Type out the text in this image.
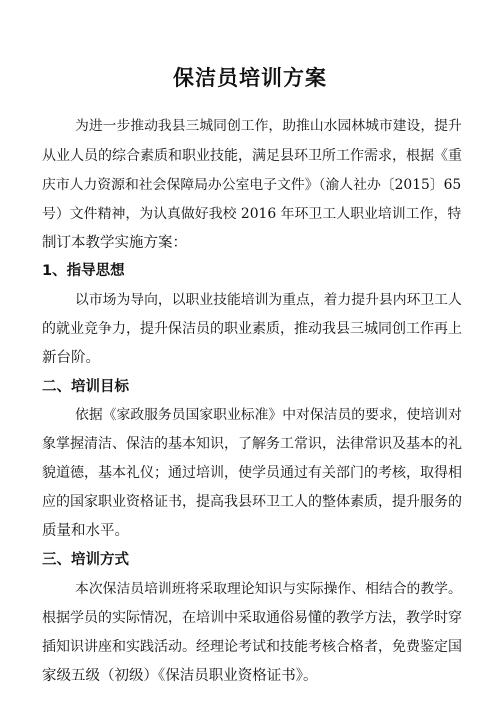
保洁员培训方案

为进一步推动我县三城同创工作，助推山水园林城市建设，提升

从业人员的综合素质和职业技能，满足县环卫所工作需求，根据《重

庆市人力资源和社会保障局办公室电子文件》（渝人社办〔2015〕65

号）文件精神，为认真做好我校 2016 年环卫工人职业培训工作，特

制订本教学实施方案：

1、指导思想

以市场为导向，以职业技能培训为重点，着力提升县内环卫工人

的就业竞争力，提升保洁员的职业素质，推动我县三城同创工作再上

新台阶。

二、培训目标

依据《家政服务员国家职业标准》中对保洁员的要求，使培训对

象掌握清洁、保洁的基本知识，了解务工常识，法律常识及基本的礼

貌道德，基本礼仪；通过培训，使学员通过有关部门的考核，取得相

应的国家职业资格证书，提高我县环卫工人的整体素质，提升服务的

质量和水平。

三、培训方式

本次保洁员培训班将采取理论知识与实际操作、相结合的教学。

根据学员的实际情况，在培训中采取通俗易懂的教学方法，教学时穿

插知识讲座和实践活动。经理论考试和技能考核合格者，免费鉴定国

家级五级（初级）《保洁员职业资格证书》。
